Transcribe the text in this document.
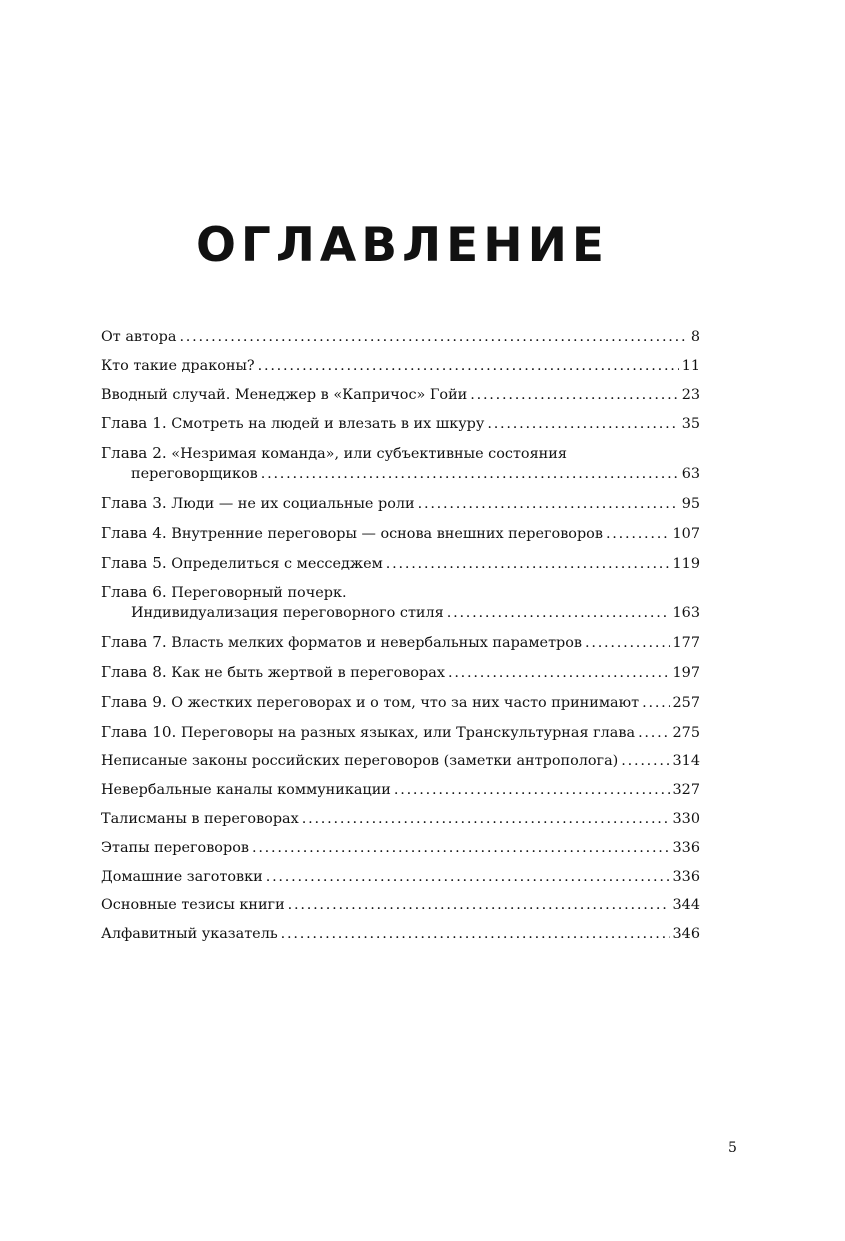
ОГЛАВЛЕНИЕ
От автора . . .	8
Кто такие драконы? . . .	11
Вводный случай. Менеджер в «Капричос» Гойи . . .	23
Глава 1. Смотреть на людей и влезать в их шкуру . . .	35
Глава 2. «Незримая команда», или субъективные состояния
переговорщиков . . .	63
Глава 3. Люди — не их социальные роли . . .	95
Глава 4. Внутренние переговоры — основа внешних переговоров . . .	107
Глава 5. Определиться с месседжем . . .	119
Глава 6. Переговорный почерк.
Индивидуализация переговорного стиля . . .	163
Глава 7. Власть мелких форматов и невербальных параметров . . .	177
Глава 8. Как не быть жертвой в переговорах . . .	197
Глава 9. О жестких переговорах и о том, что за них часто принимают . . . 257
Глава 10. Переговоры на разных языках, или Транскультурная глава . . .	275
Неписаные законы российских переговоров (заметки антрополога) . . .	314
Невербальные каналы коммуникации . . .	327
Талисманы в переговорах . . .	330
Этапы переговоров . . .	336
Домашние заготовки . . .	336
Основные тезисы книги . . .	344
Алфавитный указатель . . .	346
5
